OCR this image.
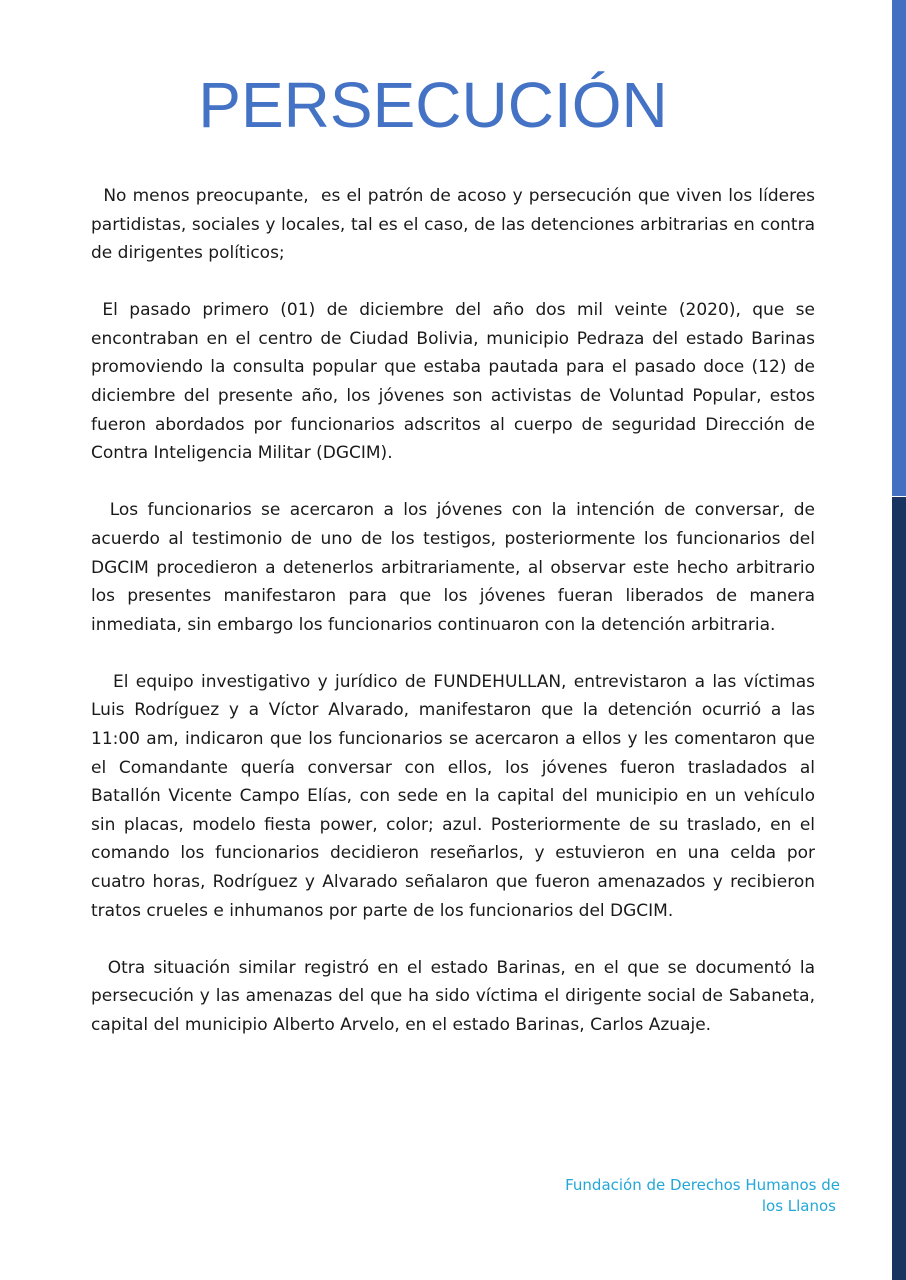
PERSECUCIÓN

No menos preocupante,  es el patrón de acoso y persecución que viven los líderes partidistas, sociales y locales, tal es el caso, de las detenciones arbitrarias en contra de dirigentes políticos;

El pasado primero (01) de diciembre del año dos mil veinte (2020), que se encontraban en el centro de Ciudad Bolivia, municipio Pedraza del estado Barinas promoviendo la consulta popular que estaba pautada para el pasado doce (12) de diciembre del presente año, los jóvenes son activistas de Voluntad Popular, estos fueron abordados por funcionarios adscritos al cuerpo de seguridad Dirección de Contra Inteligencia Militar (DGCIM).

Los funcionarios se acercaron a los jóvenes con la intención de conversar, de acuerdo al testimonio de uno de los testigos, posteriormente los funcionarios del DGCIM procedieron a detenerlos arbitrariamente, al observar este hecho arbitrario los presentes manifestaron para que los jóvenes fueran liberados de manera inmediata, sin embargo los funcionarios continuaron con la detención arbitraria.

El equipo investigativo y jurídico de FUNDEHULLAN, entrevistaron a las víctimas Luis Rodríguez y a Víctor Alvarado, manifestaron que la detención ocurrió a las 11:00 am, indicaron que los funcionarios se acercaron a ellos y les comentaron que el Comandante quería conversar con ellos, los jóvenes fueron trasladados al Batallón Vicente Campo Elías, con sede en la capital del municipio en un vehículo sin placas, modelo fiesta power, color; azul. Posteriormente de su traslado, en el comando los funcionarios decidieron reseñarlos, y estuvieron en una celda por cuatro horas, Rodríguez y Alvarado señalaron que fueron amenazados y recibieron tratos crueles e inhumanos por parte de los funcionarios del DGCIM.

Otra situación similar registró en el estado Barinas, en el que se documentó la persecución y las amenazas del que ha sido víctima el dirigente social de Sabaneta, capital del municipio Alberto Arvelo, en el estado Barinas, Carlos Azuaje.

Fundación de Derechos Humanos de
los Llanos
